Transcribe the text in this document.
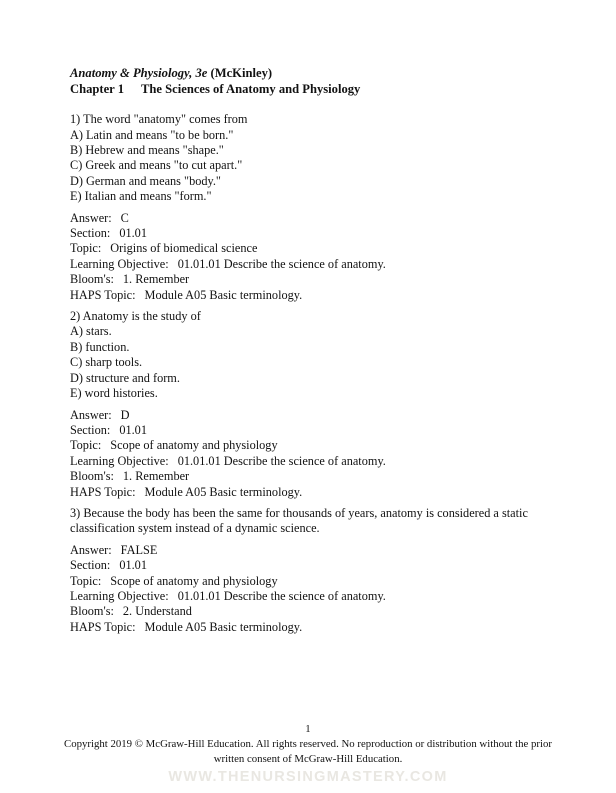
Anatomy & Physiology, 3e (McKinley)
Chapter 1 The Sciences of Anatomy and Physiology
1) The word "anatomy" comes from
A) Latin and means "to be born."
B) Hebrew and means "shape."
C) Greek and means "to cut apart."
D) German and means "body."
E) Italian and means "form."
Answer: C
Section: 01.01
Topic: Origins of biomedical science
Learning Objective: 01.01.01 Describe the science of anatomy.
Bloom's: 1. Remember
HAPS Topic: Module A05 Basic terminology.
2) Anatomy is the study of
A) stars.
B) function.
C) sharp tools.
D) structure and form.
E) word histories.
Answer: D
Section: 01.01
Topic: Scope of anatomy and physiology
Learning Objective: 01.01.01 Describe the science of anatomy.
Bloom's: 1. Remember
HAPS Topic: Module A05 Basic terminology.
3) Because the body has been the same for thousands of years, anatomy is considered a static
classification system instead of a dynamic science.
Answer: FALSE
Section: 01.01
Topic: Scope of anatomy and physiology
Learning Objective: 01.01.01 Describe the science of anatomy.
Bloom's: 2. Understand
HAPS Topic: Module A05 Basic terminology.
1
Copyright 2019 © McGraw-Hill Education. All rights reserved. No reproduction or distribution without the prior
written consent of McGraw-Hill Education.
WWW.THENURSINGMASTERY.COM
